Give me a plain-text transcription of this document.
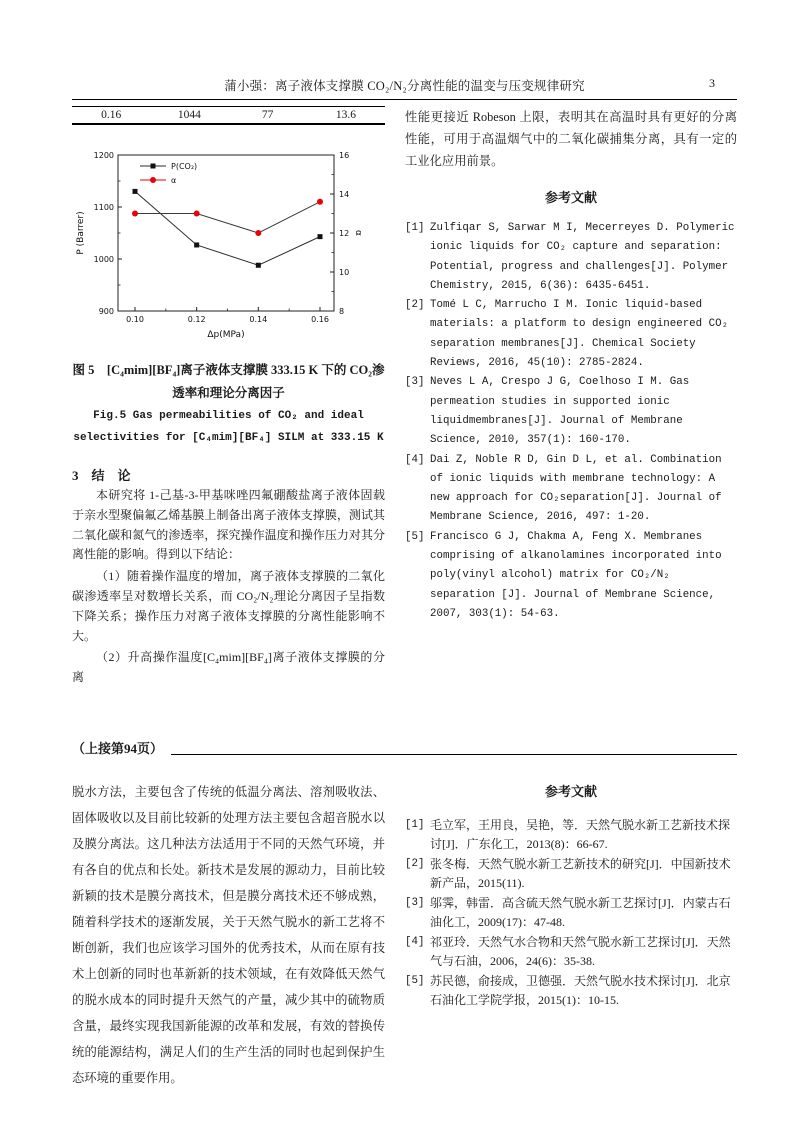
蒲小强：离子液体支撑膜 CO₂/N₂分离性能的温变与压变规律研究	3
0.16	1044	77	13.6
0.10	0.12	0.14	0.16
900
1000
1100
1200
8
10
12
14
16
P (Barrer)
Δp(MPa)
α
P(CO₂)
α
图 5　[C₄mim][BF₄]离子液体支撑膜 333.15 K 下的 CO₂渗透率和理论分离因子
Fig.5 Gas permeabilities of CO₂ and ideal selectivities for [C₄mim][BF₄] SILM at 333.15 K
3　结　论

本研究将 1-己基-3-甲基咪唑四氟硼酸盐离子液体固载于亲水型聚偏氟乙烯基膜上制备出离子液体支撑膜，测试其二氧化碳和氮气的渗透率，探究操作温度和操作压力对其分离性能的影响。得到以下结论：

（1）随着操作温度的增加，离子液体支撑膜的二氧化碳渗透率呈对数增长关系，而 CO₂/N₂理论分离因子呈指数下降关系；操作压力对离子液体支撑膜的分离性能影响不大。

（2）升高操作温度[C₄mim][BF₄]离子液体支撑膜的分离

性能更接近 Robeson 上限，表明其在高温时具有更好的分离性能，可用于高温烟气中的二氧化碳捕集分离，具有一定的工业化应用前景。

参考文献
[1] Zulfiqar S, Sarwar M I, Mecerreyes D. Polymeric ionic liquids for CO₂ capture and separation: Potential, progress and challenges[J]. Polymer Chemistry, 2015, 6(36): 6435-6451.
[2] Tomé L C, Marrucho I M. Ionic liquid-based materials: a platform to design engineered CO₂ separation membranes[J]. Chemical Society Reviews, 2016, 45(10): 2785-2824.
[3] Neves L A, Crespo J G, Coelhoso I M. Gas permeation studies in supported ionic liquidmembranes[J]. Journal of Membrane Science, 2010, 357(1): 160-170.
[4] Dai Z, Noble R D, Gin D L, et al. Combination of ionic liquids with membrane technology: A new approach for CO₂separation[J]. Journal of Membrane Science, 2016, 497: 1-20.
[5] Francisco G J, Chakma A, Feng X. Membranes comprising of alkanolamines incorporated into poly(vinyl alcohol) matrix for CO₂/N₂ separation [J]. Journal of Membrane Science, 2007, 303(1): 54-63.
（上接第94页）

脱水方法，主要包含了传统的低温分离法、溶剂吸收法、固体吸收以及目前比较新的处理方法主要包含超音脱水以及膜分离法。这几种法方法适用于不同的天然气环境，并有各自的优点和长处。新技术是发展的源动力，目前比较新颖的技术是膜分离技术，但是膜分离技术还不够成熟，随着科学技术的逐渐发展，关于天然气脱水的新工艺将不断创新，我们也应该学习国外的优秀技术，从而在原有技术上创新的同时也革新新的技术领域，在有效降低天然气的脱水成本的同时提升天然气的产量，减少其中的硫物质含量，最终实现我国新能源的改革和发展，有效的替换传统的能源结构，满足人们的生产生活的同时也起到保护生态环境的重要作用。

参考文献
[1] 毛立军，王用良，吴艳，等．天然气脱水新工艺新技术探讨[J]．广东化工，2013(8)：66-67.
[2] 张冬梅．天然气脱水新工艺新技术的研究[J]．中国新技术新产品，2015(11).
[3] 邬霁，韩雷．高含硫天然气脱水新工艺探讨[J]．内蒙古石油化工，2009(17)：47-48.
[4] 祁亚玲．天然气水合物和天然气脱水新工艺探讨[J]．天然气与石油，2006，24(6)：35-38.
[5] 苏民德，俞接成，卫德强．天然气脱水技术探讨[J]．北京石油化工学院学报，2015(1)：10-15.
